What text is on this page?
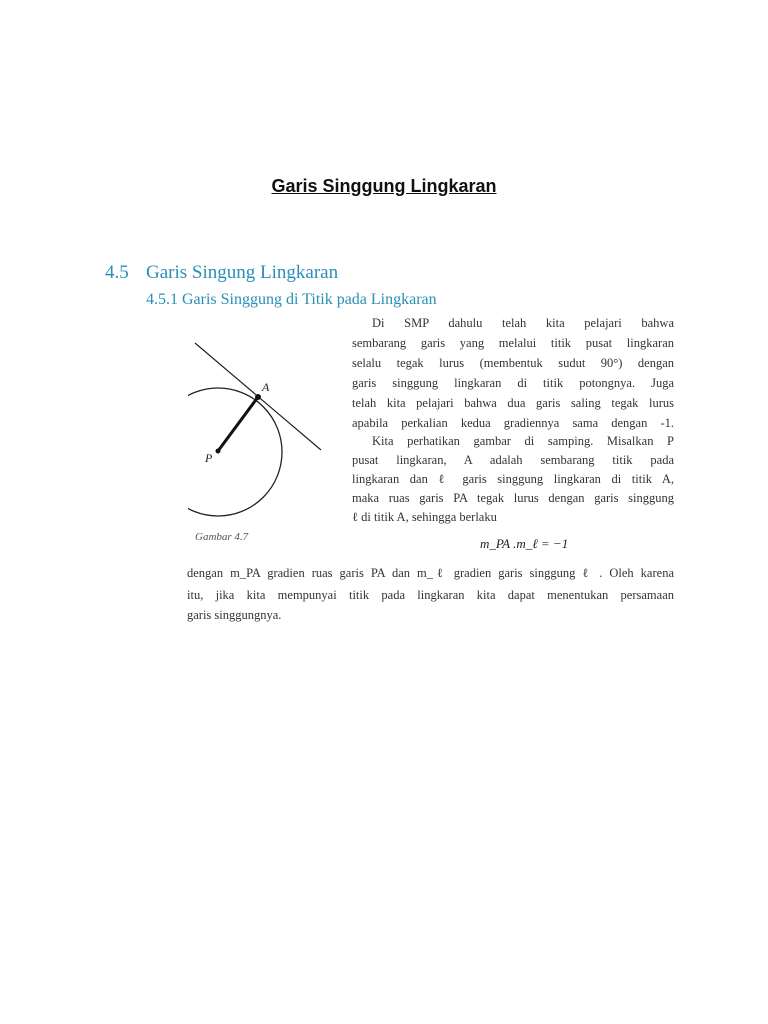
Garis Singgung Lingkaran
4.5 Garis Singung Lingkaran
4.5.1 Garis Singgung di Titik pada Lingkaran
A
P
Gambar 4.7
Di SMP dahulu telah kita pelajari bahwa
sembarang garis yang melalui titik pusat lingkaran
selalu tegak lurus (membentuk sudut 90°) dengan
garis singgung lingkaran di titik potongnya. Juga
telah kita pelajari bahwa dua garis saling tegak lurus
apabila perkalian kedua gradiennya sama dengan -1.
Kita perhatikan gambar di samping. Misalkan P
pusat lingkaran, A adalah sembarang titik pada
lingkaran dan ℓ garis singgung lingkaran di titik A,
maka ruas garis PA tegak lurus dengan garis singgung
ℓ di titik A, sehingga berlaku
m_PA .m_ℓ = −1
dengan m_PA gradien ruas garis PA dan m_ℓ gradien garis singgung ℓ . Oleh karena
itu, jika kita mempunyai titik pada lingkaran kita dapat menentukan persamaan
garis singgungnya.
